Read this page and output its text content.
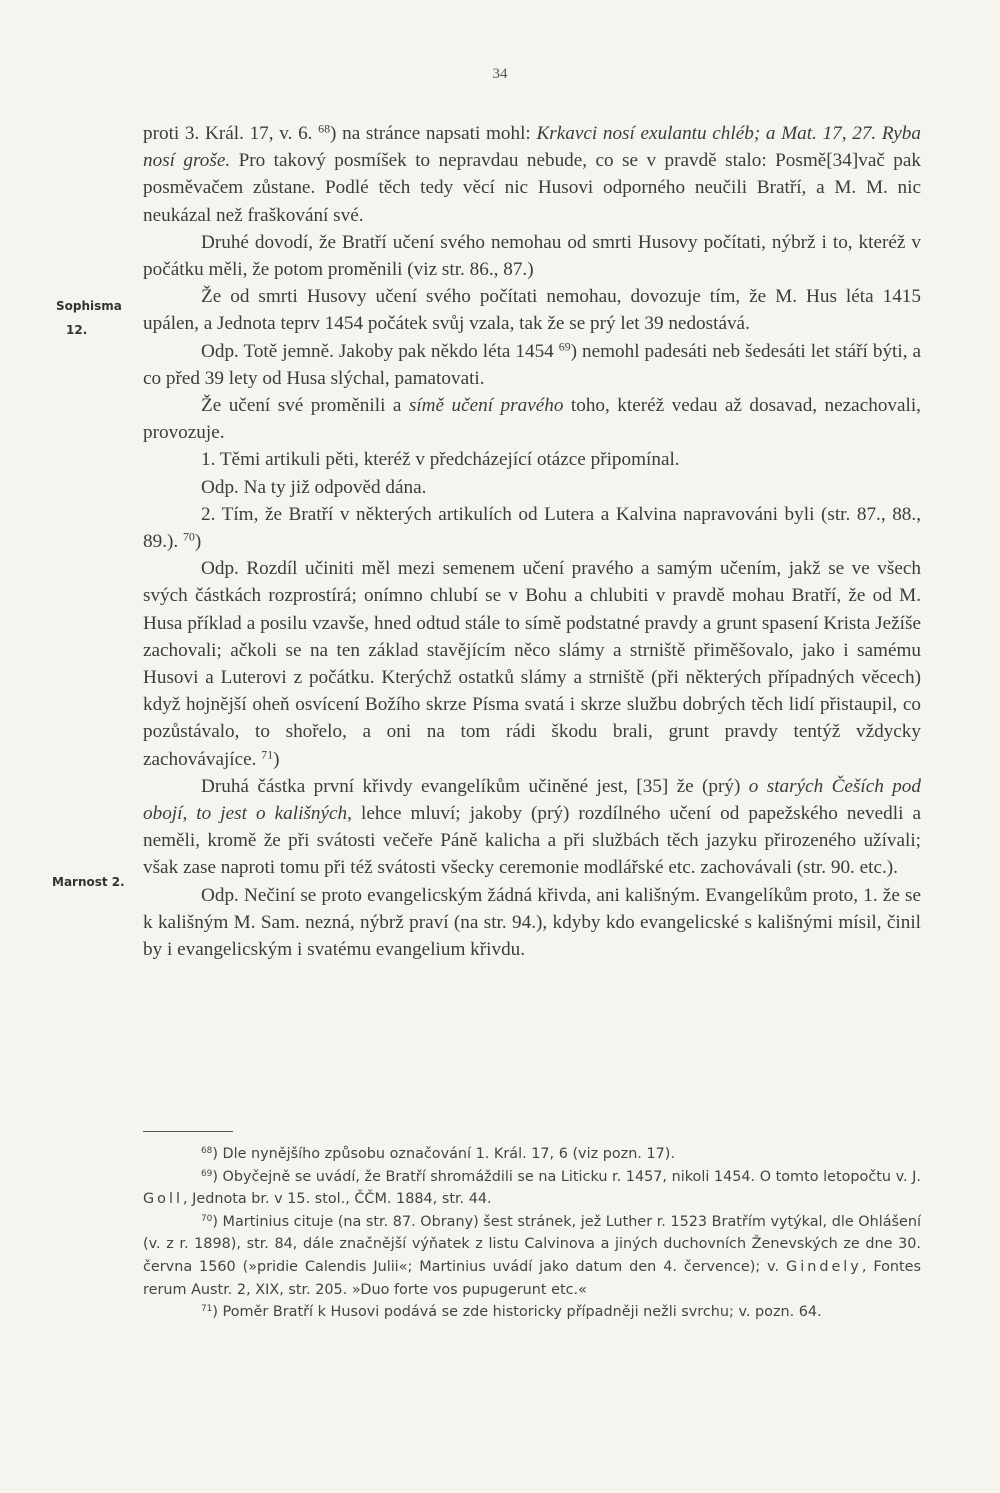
34
Sophisma
12.
Marnost 2.

proti 3. Král. 17, v. 6. $^{68}$) na stránce napsati mohl: Krkavci nosí exulantu chléb; a Mat. 17, 27. Ryba nosí groše. Pro takový posmíšek to nepravdau nebude, co se v pravdě stalo: Posmě[34]vač pak posměvačem zůstane. Podlé těch tedy věcí nic Husovi odporného neučili Bratří, a M. M. nic neukázal než fraškování své.

Druhé dovodí, že Bratří učení svého nemohau od smrti Husovy počítati, nýbrž i to, kteréž v počátku měli, že potom proměnili (viz str. 86., 87.)

Že od smrti Husovy učení svého počítati nemohau, dovozuje tím, že M. Hus léta 1415 upálen, a Jednota teprv 1454 počátek svůj vzala, tak že se prý let 39 nedostává.

Odp. Totě jemně. Jakoby pak někdo léta 1454 $^{69}$) nemohl padesáti neb šedesáti let stáří býti, a co před 39 lety od Husa slýchal, pamatovati.

Že učení své proměnili a símě učení pravého toho, kteréž vedau až dosavad, nezachovali, provozuje.

1. Těmi artikuli pěti, kteréž v předcházející otázce připomínal.

Odp. Na ty již odpověd dána.

2. Tím, že Bratří v některých artikulích od Lutera a Kalvina napravováni byli (str. 87., 88., 89.). $^{70}$)

Odp. Rozdíl učiniti měl mezi semenem učení pravého a samým učením, jakž se ve všech svých částkách rozprostírá; onímno chlubí se v Bohu a chlubiti v pravdě mohau Bratří, že od M. Husa příklad a posilu vzavše, hned odtud stále to símě podstatné pravdy a grunt spasení Krista Ježíše zachovali; ačkoli se na ten základ stavějícím něco slámy a strniště přiměšovalo, jako i samému Husovi a Luterovi z počátku. Kterýchž ostatků slámy a strniště (při některých případných věcech) když hojnější oheň osvícení Božího skrze Písma svatá i skrze službu dobrých těch lidí přistaupil, co pozůstávalo, to shořelo, a oni na tom rádi škodu brali, grunt pravdy tentýž vždycky zachovávajíce. $^{71}$)

Druhá částka první křivdy evangelíkům učiněné jest, [35] že (prý) o starých Češích pod obojí, to jest o kališných, lehce mluví; jakoby (prý) rozdílného učení od papežského nevedli a neměli, kromě že při svátosti večeře Páně kalicha a při službách těch jazyku přirozeného užívali; však zase naproti tomu při též svátosti všecky ceremonie modlářské etc. zachovávali (str. 90. etc.).

Odp. Nečiní se proto evangelicským žádná křivda, ani kališným. Evangelíkům proto, 1. že se k kališným M. Sam. nezná, nýbrž praví (na str. 94.), kdyby kdo evangelicské s kališnými mísil, činil by i evangelicským i svatému evangelium křivdu.

$^{68}$) Dle nynějšího způsobu označování 1. Král. 17, 6 (viz pozn. 17).

$^{69}$) Obyčejně se uvádí, že Bratří shromáždili se na Liticku r. 1457, nikoli 1454. O tomto letopočtu v. J. Goll, Jednota br. v 15. stol., ČČM. 1884, str. 44.

$^{70}$) Martinius cituje (na str. 87. Obrany) šest stránek, jež Luther r. 1523 Bratřím vytýkal, dle Ohlášení (v. z r. 1898), str. 84, dále značnější výňatek z listu Calvinova a jiných duchovních Ženevských ze dne 30. června 1560 (»pridie Calendis Julii«; Martinius uvádí jako datum den 4. července); v. Gindely, Fontes rerum Austr. 2, XIX, str. 205. »Duo forte vos pupugerunt etc.«

$^{71}$) Poměr Bratří k Husovi podává se zde historicky případněji nežli svrchu; v. pozn. 64.
